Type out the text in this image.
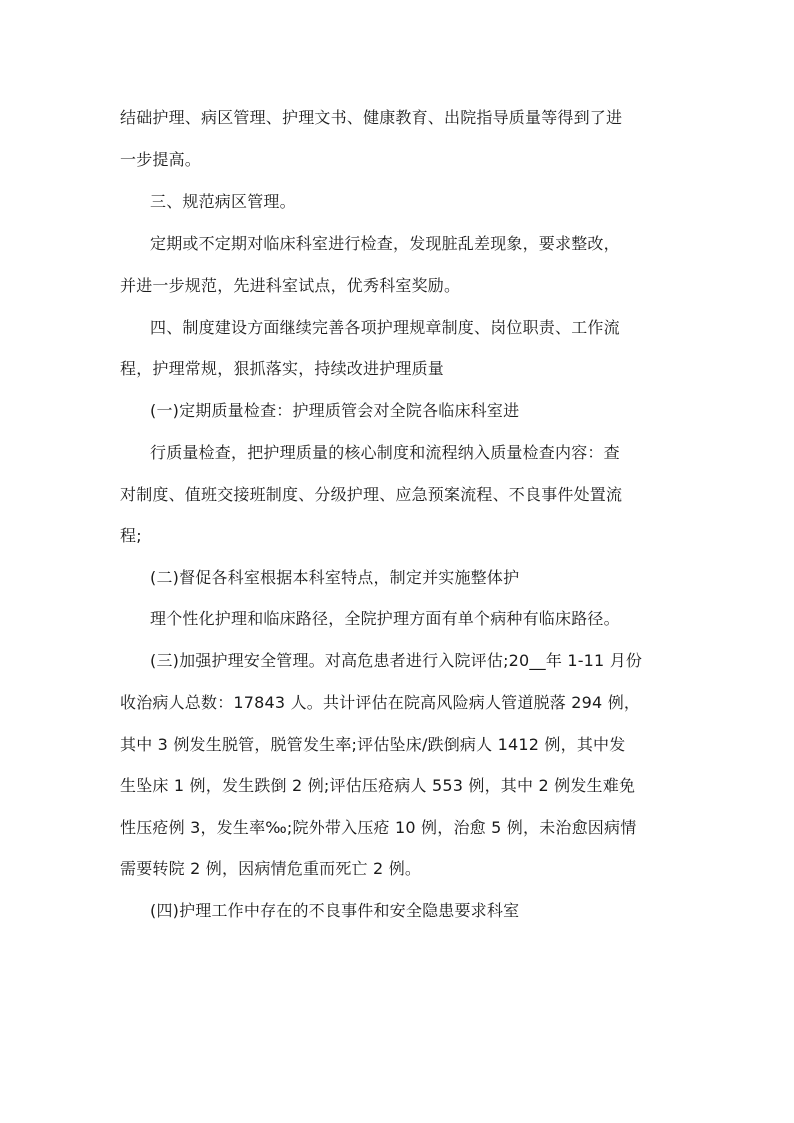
结础护理、病区管理、护理文书、健康教育、出院指导质量等得到了进
一步提高。
三、规范病区管理。
定期或不定期对临床科室进行检查，发现脏乱差现象，要求整改，
并进一步规范，先进科室试点，优秀科室奖励。
四、制度建设方面继续完善各项护理规章制度、岗位职责、工作流
程，护理常规，狠抓落实，持续改进护理质量
(一)定期质量检查：护理质管会对全院各临床科室进
行质量检查，把护理质量的核心制度和流程纳入质量检查内容：查
对制度、值班交接班制度、分级护理、应急预案流程、不良事件处置流
程;
(二)督促各科室根据本科室特点，制定并实施整体护
理个性化护理和临床路径，全院护理方面有单个病种有临床路径。
(三)加强护理安全管理。对高危患者进行入院评估;20__年 1-11 月份
收治病人总数：17843 人。共计评估在院高风险病人管道脱落 294 例，
其中 3 例发生脱管，脱管发生率;评估坠床/跌倒病人 1412 例，其中发
生坠床 1 例，发生跌倒 2 例;评估压疮病人 553 例，其中 2 例发生难免
性压疮例 3，发生率‰;院外带入压疮 10 例，治愈 5 例，未治愈因病情
需要转院 2 例，因病情危重而死亡 2 例。
(四)护理工作中存在的不良事件和安全隐患要求科室
